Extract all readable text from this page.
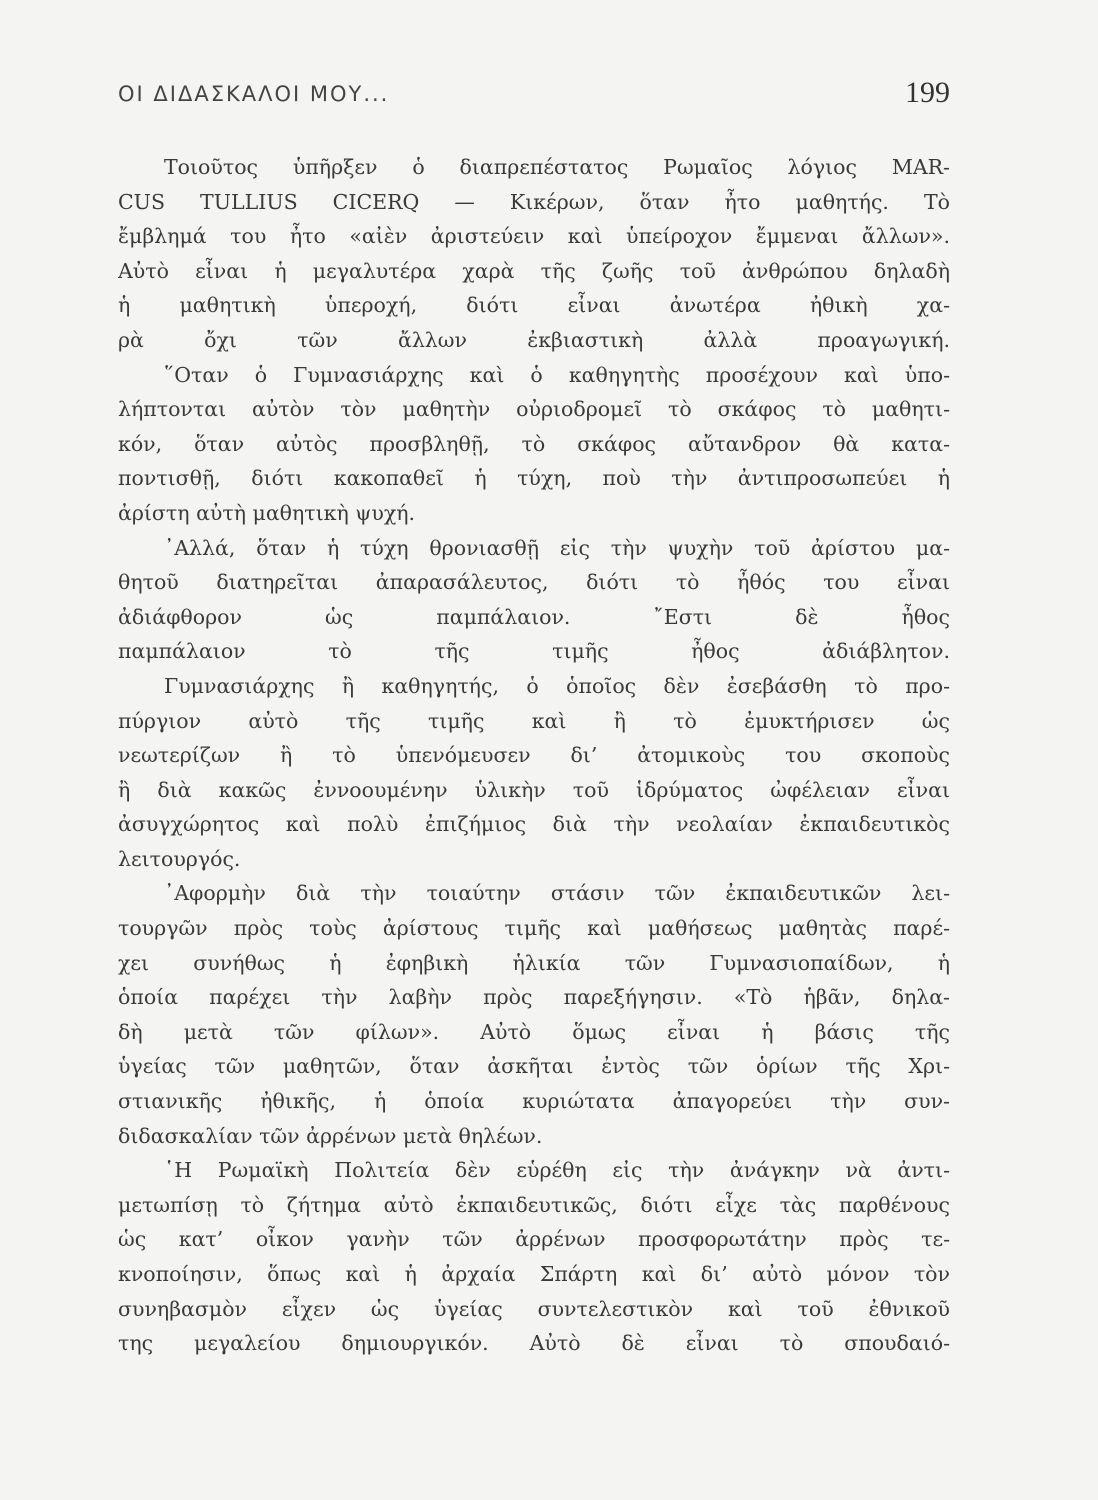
ΟΙ ΔΙΔΑΣΚΑΛΟΙ ΜΟΥ...	199
Τοιοῦτος ὑπῆρξεν ὁ διαπρεπέστατος Ρωμαῖος λόγιος MAR-
CUS TULLIUS CICERQ — Κικέρων, ὅταν ἦτο μαθητής. Τὸ
ἔμβλημά του ἦτο «αἰὲν ἀριστεύειν καὶ ὑπείροχον ἔμμεναι ἄλλων».
Αὐτὸ εἶναι ἡ μεγαλυτέρα χαρὰ τῆς ζωῆς τοῦ ἀνθρώπου δηλαδὴ
ἡ μαθητικὴ ὑπεροχή, διότι εἶναι ἀνωτέρα ἠθικὴ χα-
ρὰ ὄχι τῶν ἄλλων ἐκβιαστικὴ ἀλλὰ προαγωγική.
῞Οταν ὁ Γυμνασιάρχης καὶ ὁ καθηγητὴς προσέχουν καὶ ὑπο-
λήπτονται αὐτὸν τὸν μαθητὴν οὐριοδρομεῖ τὸ σκάφος τὸ μαθητι-
κόν, ὅταν αὐτὸς προσβληθῇ, τὸ σκάφος αὔτανδρον θὰ κατα-
ποντισθῇ, διότι κακοπαθεῖ ἡ τύχη, ποὺ τὴν ἀντιπροσωπεύει ἡ
ἀρίστη αὐτὴ μαθητικὴ ψυχή.
᾿Αλλά, ὅταν ἡ τύχη θρονιασθῇ εἰς τὴν ψυχὴν τοῦ ἀρίστου μα-
θητοῦ διατηρεῖται ἀπαρασάλευτος, διότι τὸ ἦθός του εἶναι
ἀδιάφθορον ὡς παμπάλαιον. ῎Εστι δὲ ἦθος
παμπάλαιον τὸ τῆς τιμῆς ἦθος ἀδιάβλητον.
Γυμνασιάρχης ἢ καθηγητής, ὁ ὁποῖος δὲν ἐσεβάσθη τὸ προ-
πύργιον αὐτὸ τῆς τιμῆς καὶ ἢ τὸ ἐμυκτήρισεν ὡς
νεωτερίζων ἢ τὸ ὑπενόμευσεν δι’ ἀτομικοὺς του σκοποὺς
ἢ διὰ κακῶς ἐννοουμένην ὑλικὴν τοῦ ἱδρύματος ὠφέλειαν εἶναι
ἀσυγχώρητος καὶ πολὺ ἐπιζήμιος διὰ τὴν νεολαίαν ἐκπαιδευτικὸς
λειτουργός.
᾿Αφορμὴν διὰ τὴν τοιαύτην στάσιν τῶν ἐκπαιδευτικῶν λει-
τουργῶν πρὸς τοὺς ἀρίστους τιμῆς καὶ μαθήσεως μαθητὰς παρέ-
χει συνήθως ἡ ἐφηβικὴ ἡλικία τῶν Γυμνασιοπαίδων, ἡ
ὁποία παρέχει τὴν λαβὴν πρὸς παρεξήγησιν. «Τὸ ἡβᾶν, δηλα-
δὴ μετὰ τῶν φίλων». Αὐτὸ ὅμως εἶναι ἡ βάσις τῆς
ὑγείας τῶν μαθητῶν, ὅταν ἀσκῆται ἐντὸς τῶν ὁρίων τῆς Χρι-
στιανικῆς ἠθικῆς, ἡ ὁποία κυριώτατα ἀπαγορεύει τὴν συν-
διδασκαλίαν τῶν ἀρρένων μετὰ θηλέων.
῾Η Ρωμαϊκὴ Πολιτεία δὲν εὑρέθη εἰς τὴν ἀνάγκην νὰ ἀντι-
μετωπίσῃ τὸ ζήτημα αὐτὸ ἐκπαιδευτικῶς, διότι εἶχε τὰς παρθένους
ὡς κατ’ οἶκον γανὴν τῶν ἀρρένων προσφορωτάτην πρὸς τε-
κνοποίησιν, ὅπως καὶ ἡ ἀρχαία Σπάρτη καὶ δι’ αὐτὸ μόνον τὸν
συνηβασμὸν εἶχεν ὡς ὑγείας συντελεστικὸν καὶ τοῦ ἐθνικοῦ
της μεγαλείου δημιουργικόν. Αὐτὸ δὲ εἶναι τὸ σπουδαιό-
